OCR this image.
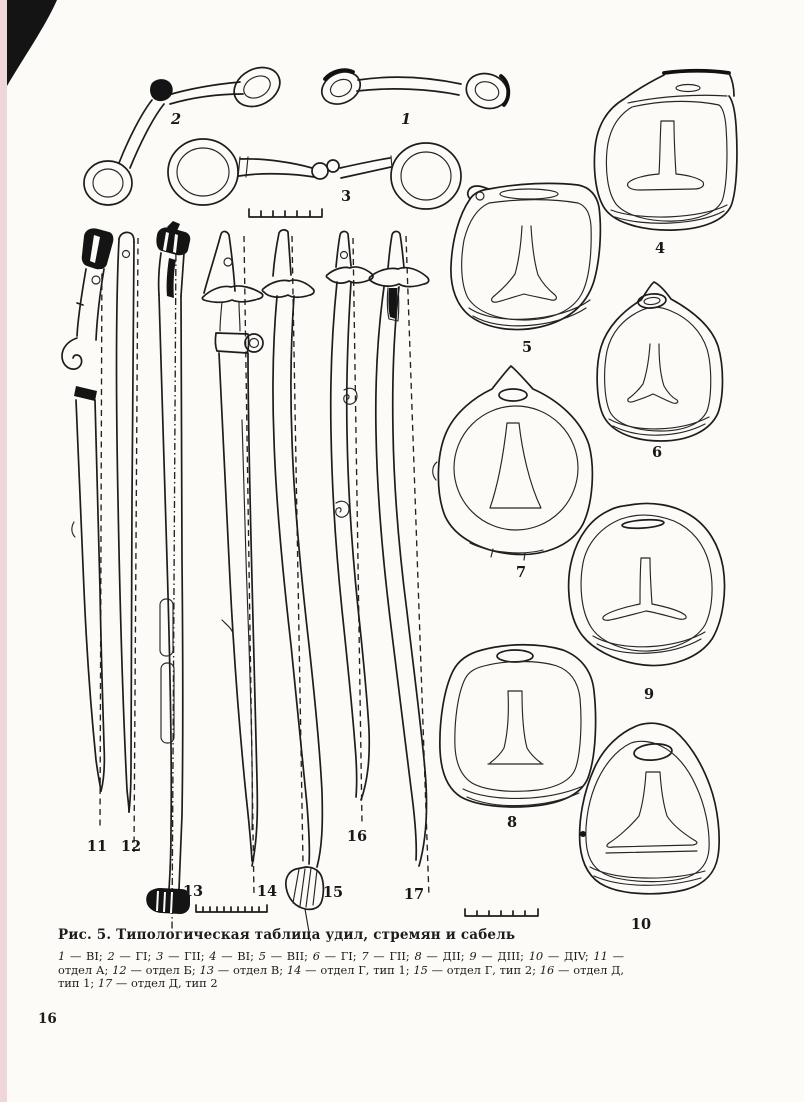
2	1
3
4
5
6
7
8
9
10
11 12
13	14	15
16
17

Рис. 5. Типологическая таблица удил, стремян и сабель

1 — ВI; 2 — ГI; 3 — ГII; 4 — ВI; 5 — ВII; 6 — ГI; 7 — ГII; 8 — ДII; 9 — ДIII; 10 — ДIV; 11 — отдел А; 12 — отдел Б; 13 — отдел В; 14 — отдел Г, тип 1; 15 — отдел Г, тип 2; 16 — отдел Д, тип 1; 17 — отдел Д, тип 2

16
